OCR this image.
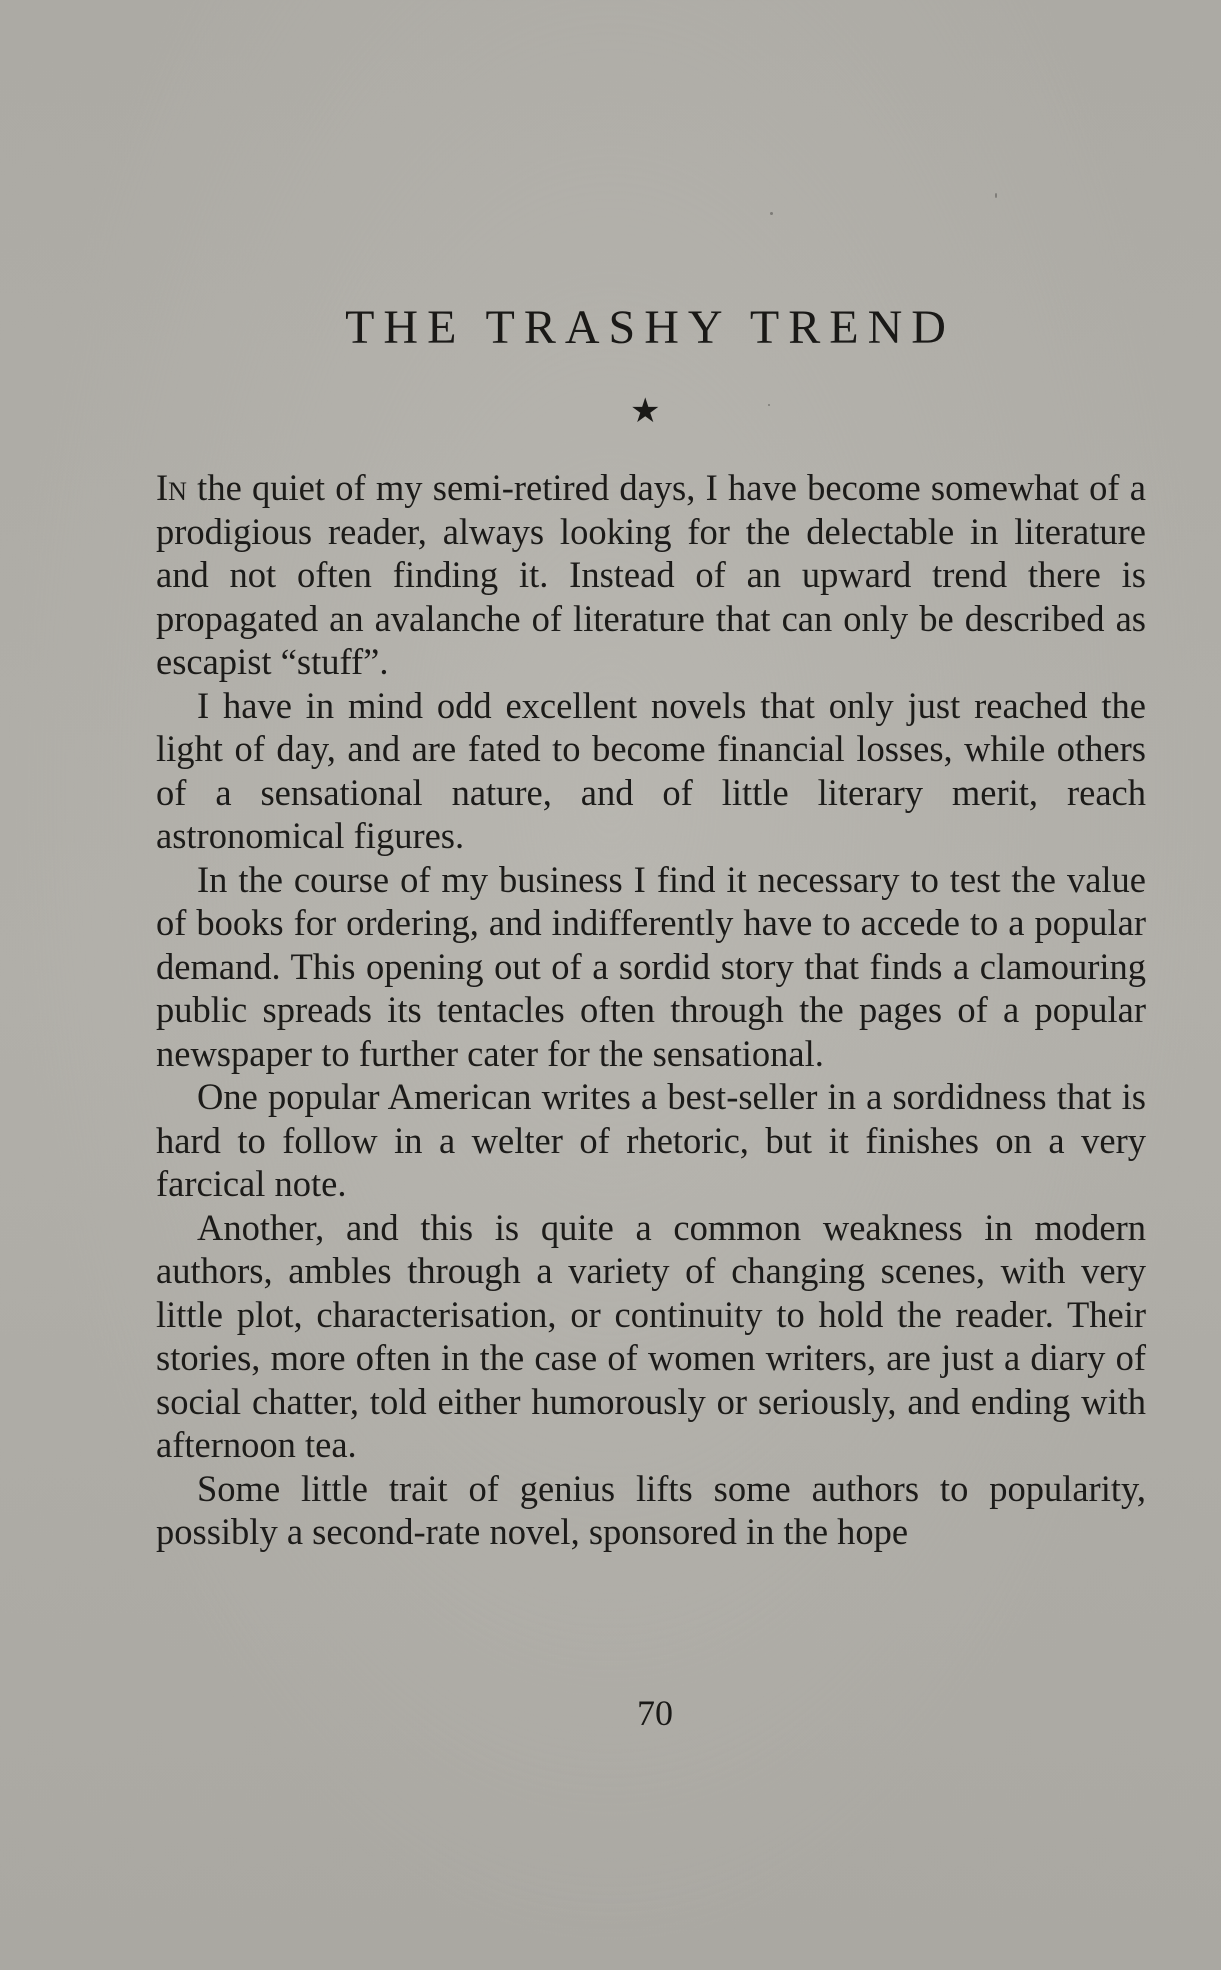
THE TRASHY TREND
★

In the quiet of my semi-retired days, I have become somewhat of a prodigious reader, always looking for the delectable in literature and not often finding it. Instead of an upward trend there is propagated an avalanche of literature that can only be described as escapist “stuff”.

I have in mind odd excellent novels that only just reached the light of day, and are fated to become financial losses, while others of a sensational nature, and of little literary merit, reach astronomical figures.

In the course of my business I find it necessary to test the value of books for ordering, and indifferently have to accede to a popular demand. This opening out of a sordid story that finds a clamouring public spreads its tentacles often through the pages of a popular newspaper to further cater for the sensational.

One popular American writes a best-seller in a sordidness that is hard to follow in a welter of rhetoric, but it finishes on a very farcical note.

Another, and this is quite a common weakness in modern authors, ambles through a variety of changing scenes, with very little plot, characterisation, or continuity to hold the reader. Their stories, more often in the case of women writers, are just a diary of social chatter, told either humorously or seriously, and ending with afternoon tea.

Some little trait of genius lifts some authors to popularity, possibly a second-rate novel, sponsored in the hope

70
